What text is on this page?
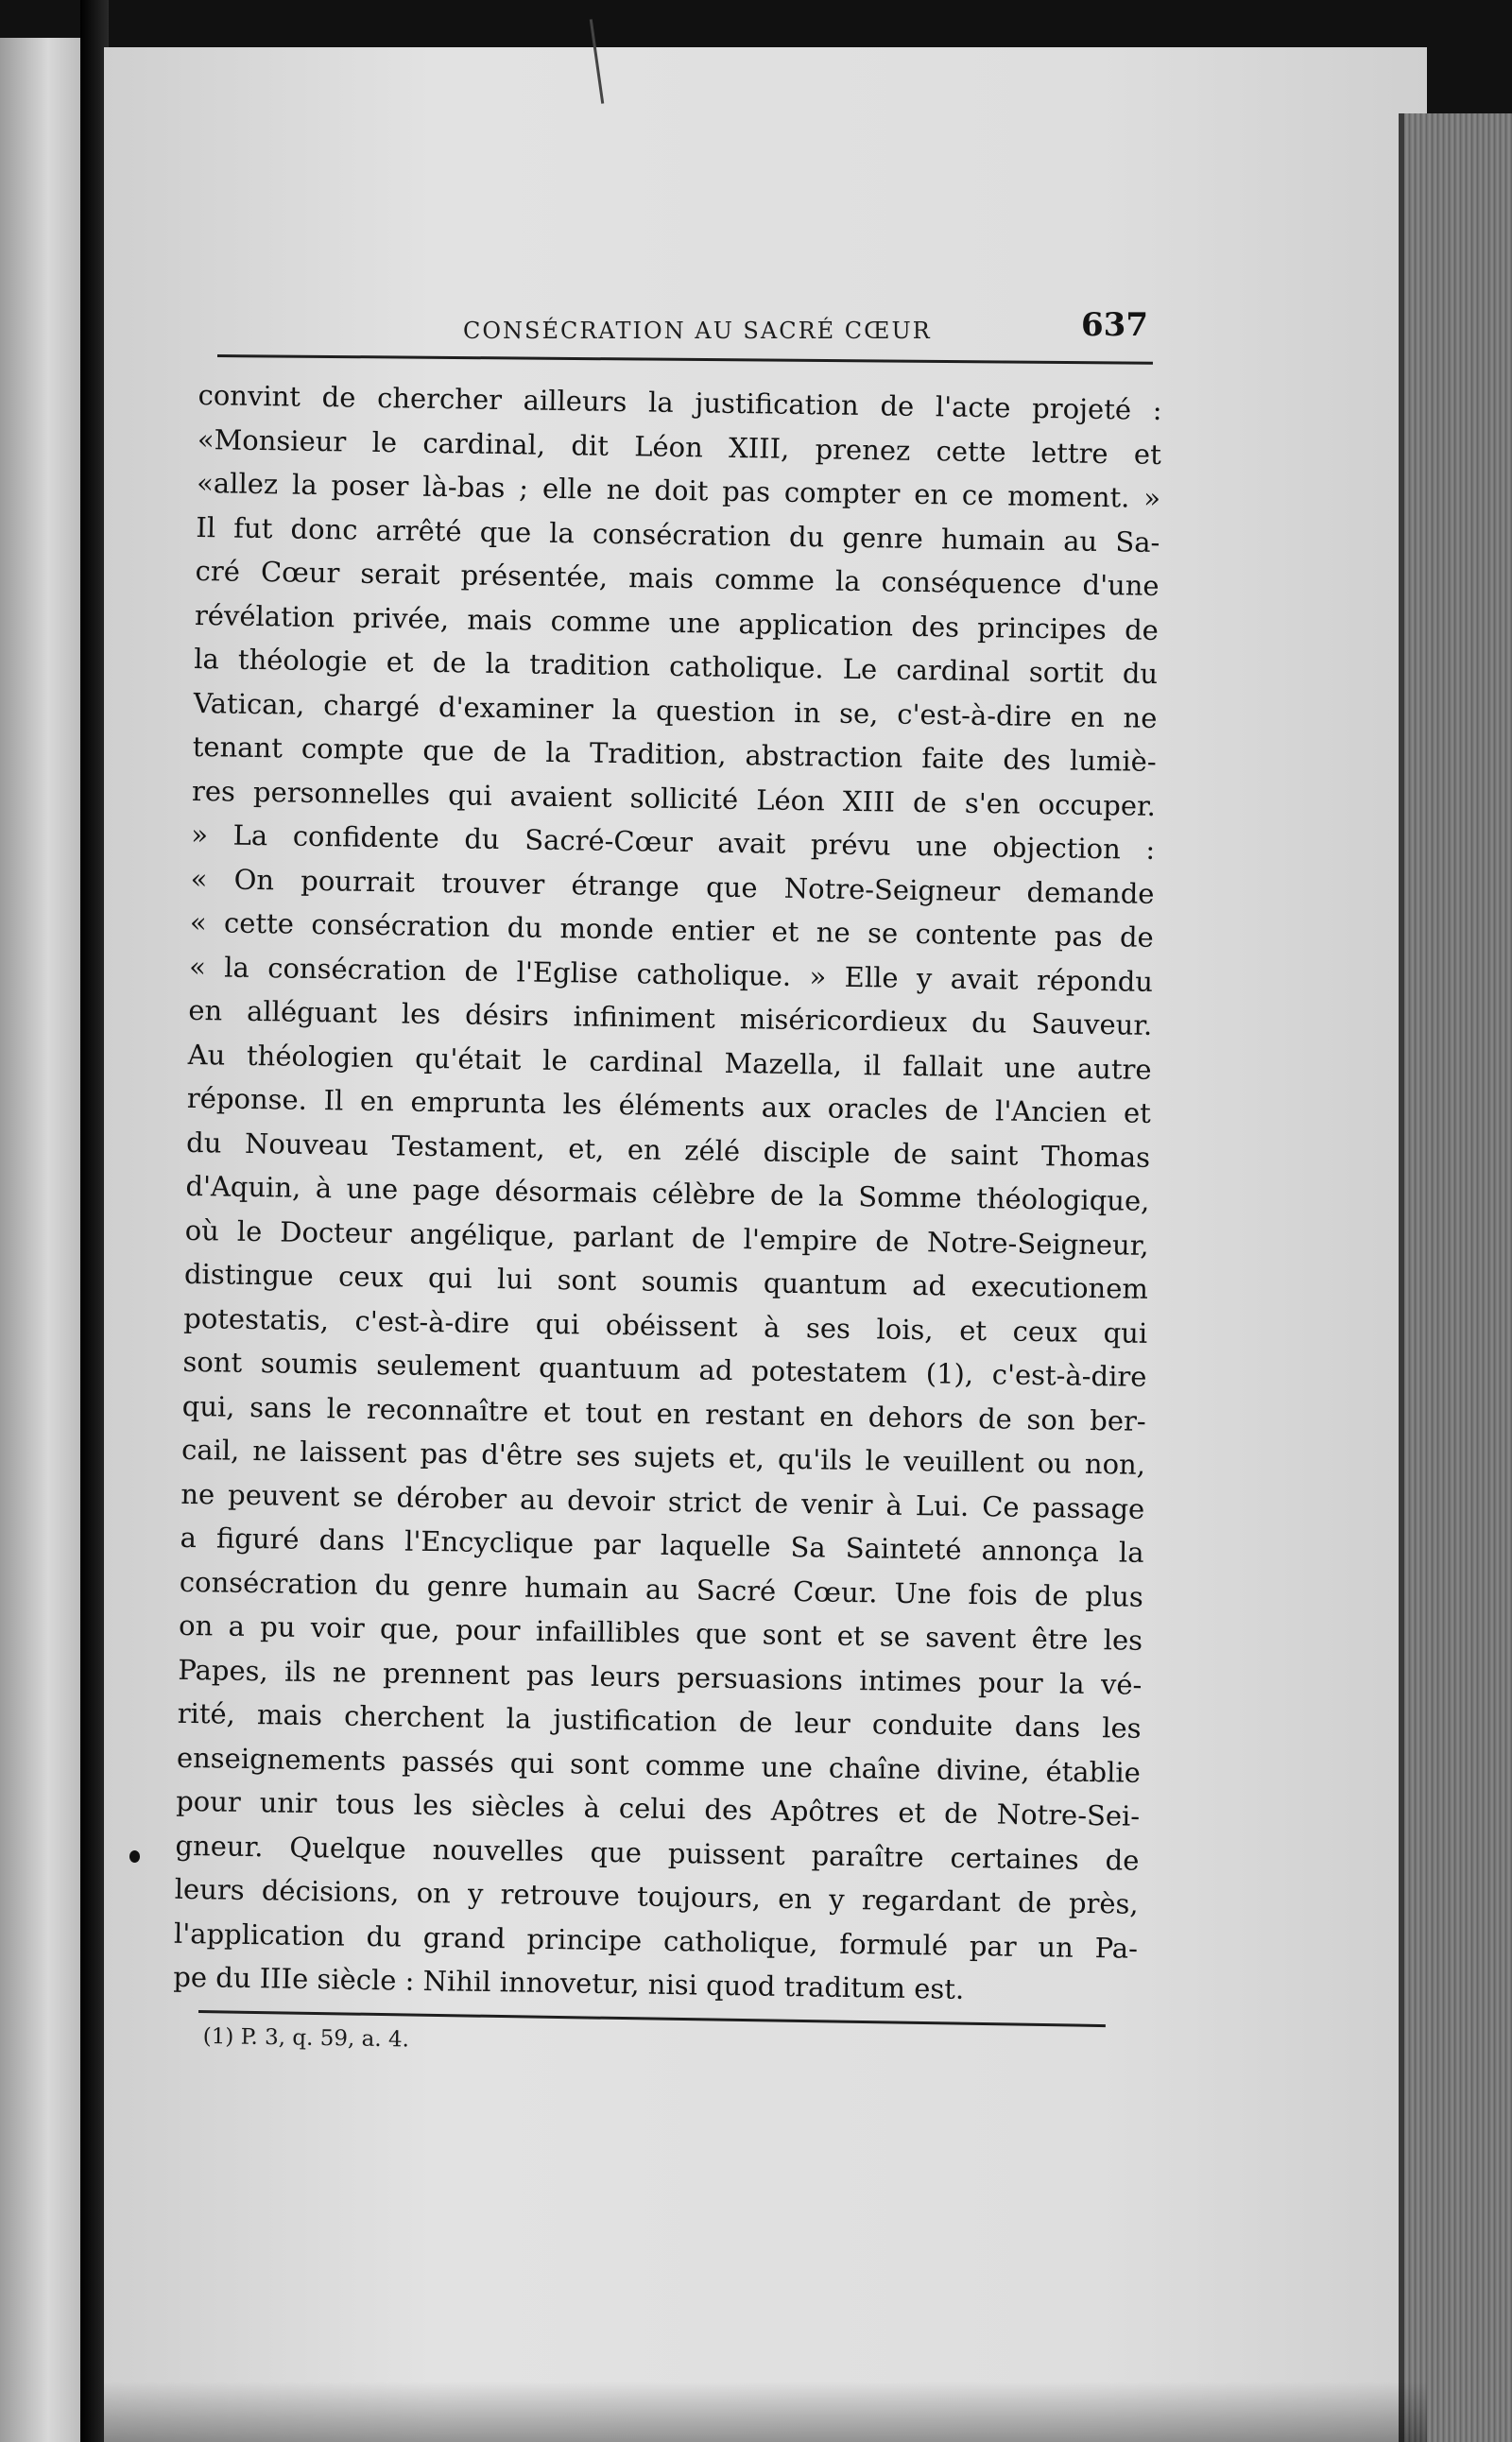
CONSÉCRATION AU SACRÉ CŒUR	637
convint de chercher ailleurs la justification de l'acte projeté :
«Monsieur le cardinal, dit Léon XIII, prenez cette lettre et
«allez la poser là-bas ; elle ne doit pas compter en ce moment. »
Il fut donc arrêté que la consécration du genre humain au Sa-
cré Cœur serait présentée, mais comme la conséquence d'une
révélation privée, mais comme une application des principes de
la théologie et de la tradition catholique. Le cardinal sortit du
Vatican, chargé d'examiner la question in se, c'est-à-dire en ne
tenant compte que de la Tradition, abstraction faite des lumiè-
res personnelles qui avaient sollicité Léon XIII de s'en occuper.
» La confidente du Sacré-Cœur avait prévu une objection :
« On pourrait trouver étrange que Notre-Seigneur demande
« cette consécration du monde entier et ne se contente pas de
« la consécration de l'Eglise catholique. » Elle y avait répondu
en alléguant les désirs infiniment miséricordieux du Sauveur.
Au théologien qu'était le cardinal Mazella, il fallait une autre
réponse. Il en emprunta les éléments aux oracles de l'Ancien et
du Nouveau Testament, et, en zélé disciple de saint Thomas
d'Aquin, à une page désormais célèbre de la Somme théologique,
où le Docteur angélique, parlant de l'empire de Notre-Seigneur,
distingue ceux qui lui sont soumis quantum ad executionem
potestatis, c'est-à-dire qui obéissent à ses lois, et ceux qui
sont soumis seulement quantuum ad potestatem (1), c'est-à-dire
qui, sans le reconnaître et tout en restant en dehors de son ber-
cail, ne laissent pas d'être ses sujets et, qu'ils le veuillent ou non,
ne peuvent se dérober au devoir strict de venir à Lui. Ce passage
a figuré dans l'Encyclique par laquelle Sa Sainteté annonça la
consécration du genre humain au Sacré Cœur. Une fois de plus
on a pu voir que, pour infaillibles que sont et se savent être les
Papes, ils ne prennent pas leurs persuasions intimes pour la vé-
rité, mais cherchent la justification de leur conduite dans les
enseignements passés qui sont comme une chaîne divine, établie
pour unir tous les siècles à celui des Apôtres et de Notre-Sei-
gneur. Quelque nouvelles que puissent paraître certaines de
leurs décisions, on y retrouve toujours, en y regardant de près,
l'application du grand principe catholique, formulé par un Pa-
pe du IIIe siècle : Nihil innovetur, nisi quod traditum est.
(1) P. 3, q. 59, a. 4.
